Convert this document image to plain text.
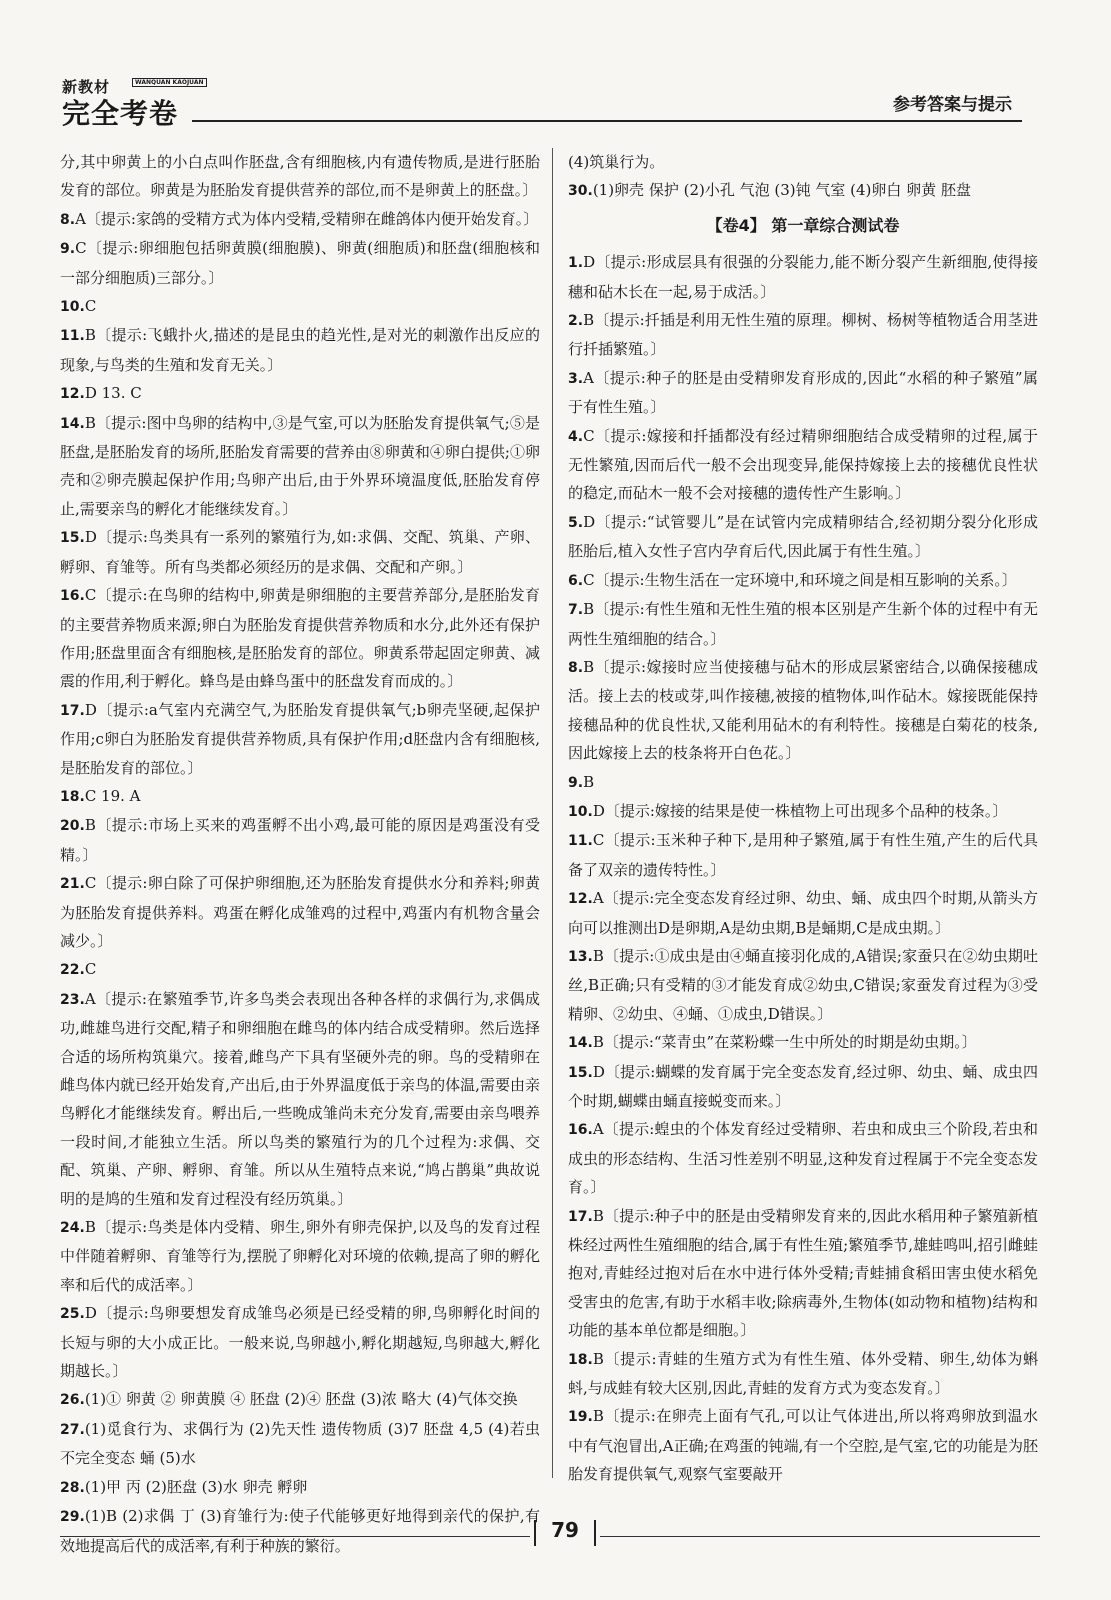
新教材	WANQUAN KAOJUAN
完全考卷	参考答案与提示
分,其中卵黄上的小白点叫作胚盘,含有细胞核,内有遗传物质,是进行胚胎发育的部位。卵黄是为胚胎发育提供营养的部位,而不是卵黄上的胚盘。〕
8.A〔提示:家鸽的受精方式为体内受精,受精卵在雌鸽体内便开始发育。〕
9.C〔提示:卵细胞包括卵黄膜(细胞膜)、卵黄(细胞质)和胚盘(细胞核和一部分细胞质)三部分。〕
10.C
11.B〔提示:飞蛾扑火,描述的是昆虫的趋光性,是对光的刺激作出反应的现象,与鸟类的生殖和发育无关。〕
12.D 13. C
14.B〔提示:图中鸟卵的结构中,③是气室,可以为胚胎发育提供氧气;⑤是胚盘,是胚胎发育的场所,胚胎发育需要的营养由⑧卵黄和④卵白提供;①卵壳和②卵壳膜起保护作用;鸟卵产出后,由于外界环境温度低,胚胎发育停止,需要亲鸟的孵化才能继续发育。〕
15.D〔提示:鸟类具有一系列的繁殖行为,如:求偶、交配、筑巢、产卵、孵卵、育雏等。所有鸟类都必须经历的是求偶、交配和产卵。〕
16.C〔提示:在鸟卵的结构中,卵黄是卵细胞的主要营养部分,是胚胎发育的主要营养物质来源;卵白为胚胎发育提供营养物质和水分,此外还有保护作用;胚盘里面含有细胞核,是胚胎发育的部位。卵黄系带起固定卵黄、减震的作用,利于孵化。蜂鸟是由蜂鸟蛋中的胚盘发育而成的。〕
17.D〔提示:a气室内充满空气,为胚胎发育提供氧气;b卵壳坚硬,起保护作用;c卵白为胚胎发育提供营养物质,具有保护作用;d胚盘内含有细胞核,是胚胎发育的部位。〕
18.C 19. A
20.B〔提示:市场上买来的鸡蛋孵不出小鸡,最可能的原因是鸡蛋没有受精。〕
21.C〔提示:卵白除了可保护卵细胞,还为胚胎发育提供水分和养料;卵黄为胚胎发育提供养料。鸡蛋在孵化成雏鸡的过程中,鸡蛋内有机物含量会减少。〕
22.C
23.A〔提示:在繁殖季节,许多鸟类会表现出各种各样的求偶行为,求偶成功,雌雄鸟进行交配,精子和卵细胞在雌鸟的体内结合成受精卵。然后选择合适的场所构筑巢穴。接着,雌鸟产下具有坚硬外壳的卵。鸟的受精卵在雌鸟体内就已经开始发育,产出后,由于外界温度低于亲鸟的体温,需要由亲鸟孵化才能继续发育。孵出后,一些晚成雏尚未充分发育,需要由亲鸟喂养一段时间,才能独立生活。所以鸟类的繁殖行为的几个过程为:求偶、交配、筑巢、产卵、孵卵、育雏。所以从生殖特点来说,“鸠占鹊巢”典故说明的是鸠的生殖和发育过程没有经历筑巢。〕
24.B〔提示:鸟类是体内受精、卵生,卵外有卵壳保护,以及鸟的发育过程中伴随着孵卵、育雏等行为,摆脱了卵孵化对环境的依赖,提高了卵的孵化率和后代的成活率。〕
25.D〔提示:鸟卵要想发育成雏鸟必须是已经受精的卵,鸟卵孵化时间的长短与卵的大小成正比。一般来说,鸟卵越小,孵化期越短,鸟卵越大,孵化期越长。〕
26.(1)① 卵黄 ② 卵黄膜 ④ 胚盘 (2)④ 胚盘 (3)浓 略大 (4)气体交换
27.(1)觅食行为、求偶行为 (2)先天性 遗传物质 (3)7 胚盘 4,5 (4)若虫 不完全变态 蛹 (5)水
28.(1)甲 丙 (2)胚盘 (3)水 卵壳 孵卵
29.(1)B (2)求偶 丁 (3)育雏行为:使子代能够更好地得到亲代的保护,有效地提高后代的成活率,有利于种族的繁衍。
(4)筑巢行为。
30.(1)卵壳 保护 (2)小孔 气泡 (3)钝 气室 (4)卵白 卵黄 胚盘
【卷4】 第一章综合测试卷
1.D〔提示:形成层具有很强的分裂能力,能不断分裂产生新细胞,使得接穗和砧木长在一起,易于成活。〕
2.B〔提示:扦插是利用无性生殖的原理。柳树、杨树等植物适合用茎进行扦插繁殖。〕
3.A〔提示:种子的胚是由受精卵发育形成的,因此“水稻的种子繁殖”属于有性生殖。〕
4.C〔提示:嫁接和扦插都没有经过精卵细胞结合成受精卵的过程,属于无性繁殖,因而后代一般不会出现变异,能保持嫁接上去的接穗优良性状的稳定,而砧木一般不会对接穗的遗传性产生影响。〕
5.D〔提示:“试管婴儿”是在试管内完成精卵结合,经初期分裂分化形成胚胎后,植入女性子宫内孕育后代,因此属于有性生殖。〕
6.C〔提示:生物生活在一定环境中,和环境之间是相互影响的关系。〕
7.B〔提示:有性生殖和无性生殖的根本区别是产生新个体的过程中有无两性生殖细胞的结合。〕
8.B〔提示:嫁接时应当使接穗与砧木的形成层紧密结合,以确保接穗成活。接上去的枝或芽,叫作接穗,被接的植物体,叫作砧木。嫁接既能保持接穗品种的优良性状,又能利用砧木的有利特性。接穗是白菊花的枝条,因此嫁接上去的枝条将开白色花。〕
9.B
10.D〔提示:嫁接的结果是使一株植物上可出现多个品种的枝条。〕
11.C〔提示:玉米种子种下,是用种子繁殖,属于有性生殖,产生的后代具备了双亲的遗传特性。〕
12.A〔提示:完全变态发育经过卵、幼虫、蛹、成虫四个时期,从箭头方向可以推测出D是卵期,A是幼虫期,B是蛹期,C是成虫期。〕
13.B〔提示:①成虫是由④蛹直接羽化成的,A错误;家蚕只在②幼虫期吐丝,B正确;只有受精的③才能发育成②幼虫,C错误;家蚕发育过程为③受精卵、②幼虫、④蛹、①成虫,D错误。〕
14.B〔提示:“菜青虫”在菜粉蝶一生中所处的时期是幼虫期。〕
15.D〔提示:蝴蝶的发育属于完全变态发育,经过卵、幼虫、蛹、成虫四个时期,蝴蝶由蛹直接蜕变而来。〕
16.A〔提示:蝗虫的个体发育经过受精卵、若虫和成虫三个阶段,若虫和成虫的形态结构、生活习性差别不明显,这种发育过程属于不完全变态发育。〕
17.B〔提示:种子中的胚是由受精卵发育来的,因此水稻用种子繁殖新植株经过两性生殖细胞的结合,属于有性生殖;繁殖季节,雄蛙鸣叫,招引雌蛙抱对,青蛙经过抱对后在水中进行体外受精;青蛙捕食稻田害虫使水稻免受害虫的危害,有助于水稻丰收;除病毒外,生物体(如动物和植物)结构和功能的基本单位都是细胞。〕
18.B〔提示:青蛙的生殖方式为有性生殖、体外受精、卵生,幼体为蝌蚪,与成蛙有较大区别,因此,青蛙的发育方式为变态发育。〕
19.B〔提示:在卵壳上面有气孔,可以让气体进出,所以将鸡卵放到温水中有气泡冒出,A正确;在鸡蛋的钝端,有一个空腔,是气室,它的功能是为胚胎发育提供氧气,观察气室要敲开
79
